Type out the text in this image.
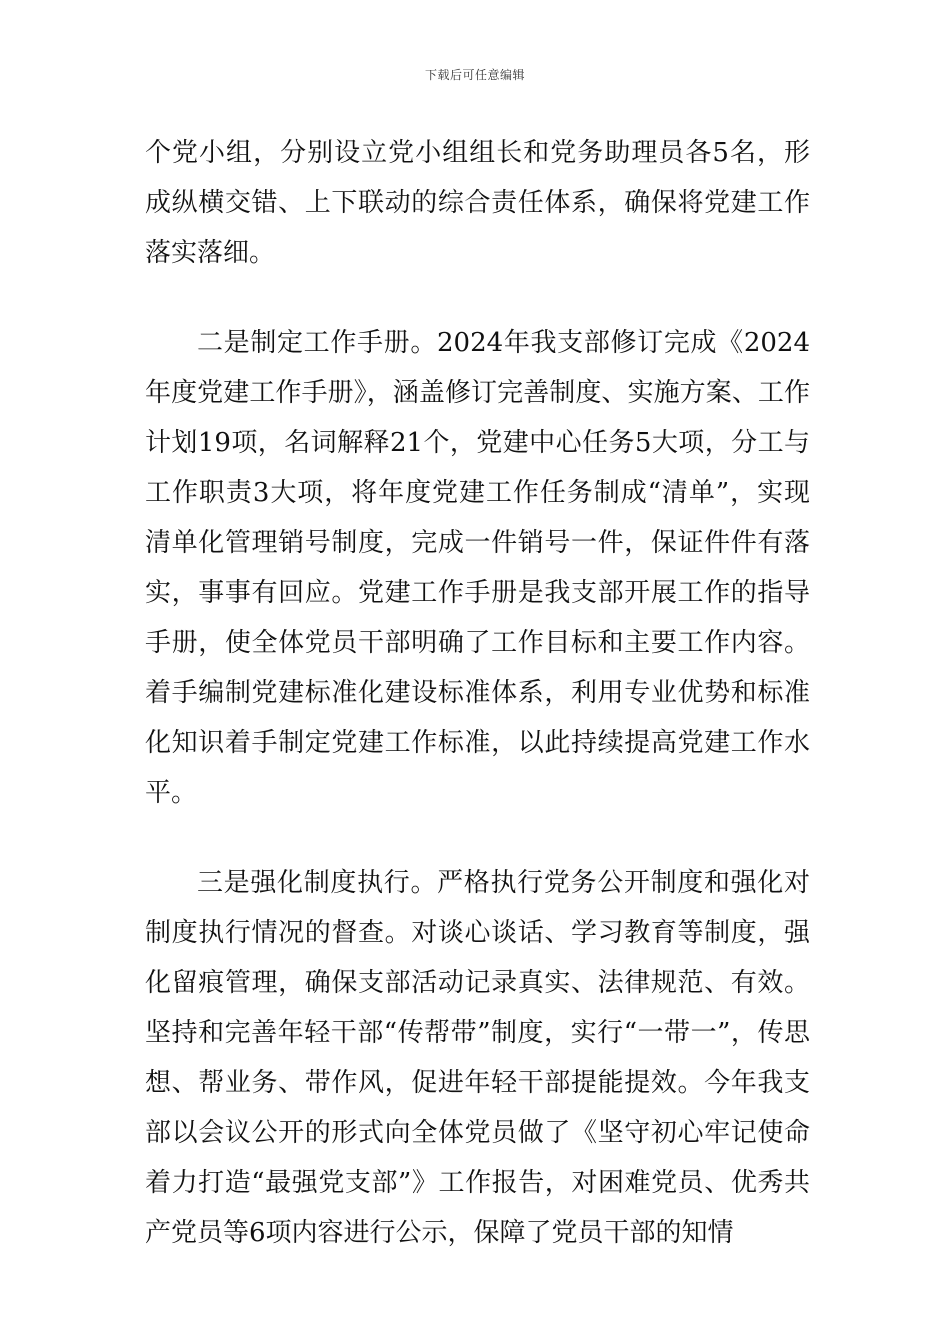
下载后可任意编辑

个党小组，分别设立党小组组长和党务助理员各5名，形成纵横交错、上下联动的综合责任体系，确保将党建工作落实落细。

二是制定工作手册。2024年我支部修订完成《2024年度党建工作手册》，涵盖修订完善制度、实施方案、工作计划19项，名词解释21个，党建中心任务5大项，分工与工作职责3大项，将年度党建工作任务制成“清单”，实现清单化管理销号制度，完成一件销号一件，保证件件有落实，事事有回应。党建工作手册是我支部开展工作的指导手册，使全体党员干部明确了工作目标和主要工作内容。着手编制党建标准化建设标准体系，利用专业优势和标准化知识着手制定党建工作标准，以此持续提高党建工作水平。

三是强化制度执行。严格执行党务公开制度和强化对制度执行情况的督查。对谈心谈话、学习教育等制度，强化留痕管理，确保支部活动记录真实、法律规范、有效。坚持和完善年轻干部“传帮带”制度，实行“一带一”，传思想、帮业务、带作风，促进年轻干部提能提效。今年我支部以会议公开的形式向全体党员做了《坚守初心牢记使命着力打造“最强党支部”》工作报告，对困难党员、优秀共产党员等6项内容进行公示，保障了党员干部的知情
